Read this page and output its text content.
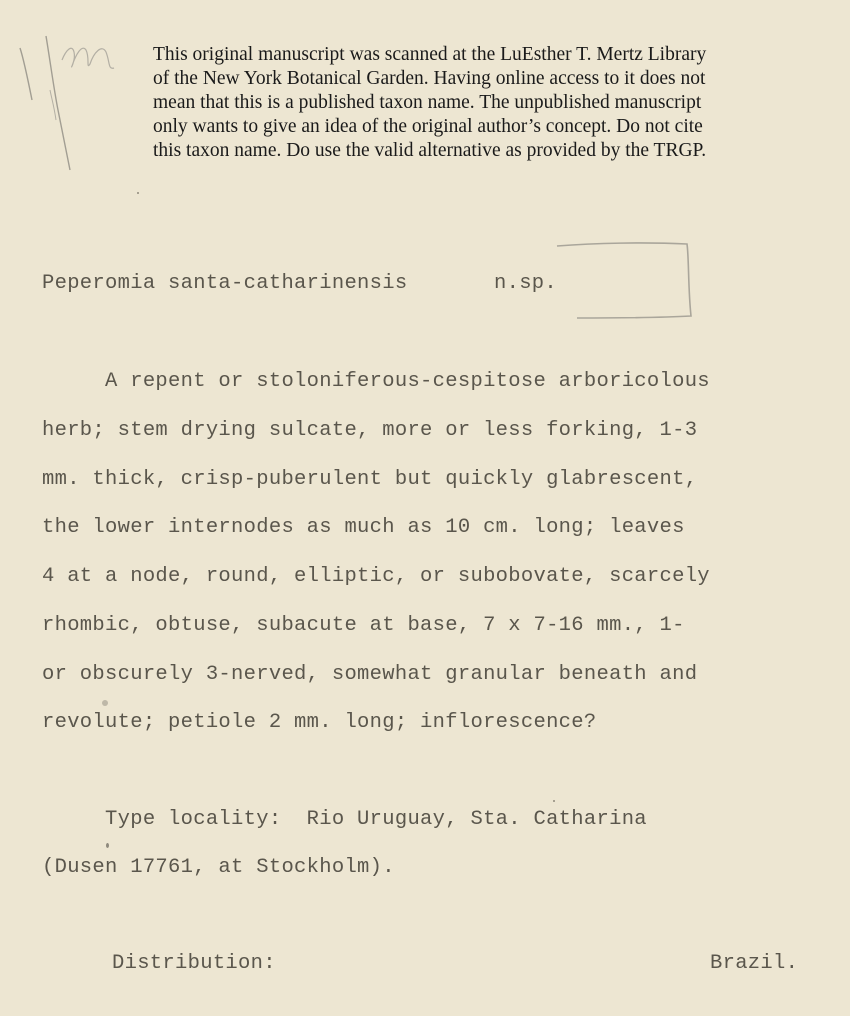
This original manuscript was scanned at the LuEsther T. Mertz Library
of the New York Botanical Garden. Having online access to it does not
mean that this is a published taxon name. The unpublished manuscript
only wants to give an idea of the original author’s concept. Do not cite
this taxon name. Do use the valid alternative as provided by the TRGP.
Peperomia santa-catharinensis	n.sp.
A repent or stoloniferous-cespitose arboricolous
herb; stem drying sulcate, more or less forking, 1-3
mm. thick, crisp-puberulent but quickly glabrescent,
the lower internodes as much as 10 cm. long; leaves
4 at a node, round, elliptic, or subobovate, scarcely
rhombic, obtuse, subacute at base, 7 x 7-16 mm., 1-
or obscurely 3-nerved, somewhat granular beneath and
revolute; petiole 2 mm. long; inflorescence?
Type locality:  Rio Uruguay, Sta. Catharina
(Dusen 17761, at Stockholm).
Distribution:	Brazil.
